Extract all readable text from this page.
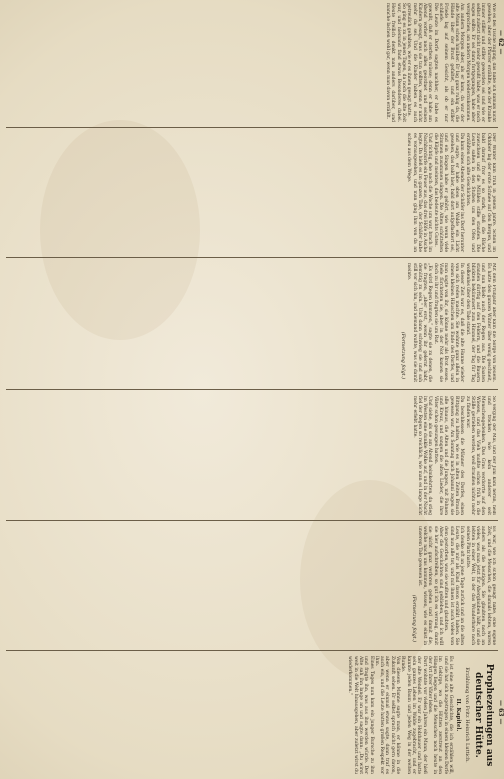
— 62 —
— 63 —

Wie es bei Tische zuging, das habe ich damals nicht gesehen; aber der Pfarrer erzählte, wie der Kranke immer stiller und stiller geworden sei und wie er selbst zuletzt nicht mehr gewußt habe, was er noch sagen sollte. Er sei dann fortgegangen, habe aber versprochen, am andern Morgen wiederzukommen.

Am andern Morgen aber, als er kam, da war der alte Mann schon hinüber. Er lag ganz ruhig da, die Hände über der Brust gefaltet, und ein stiller Friede lag auf seinem Gesicht, als ob er nur schliefe.

Die Leute im Dorfe sagten nachher, er habe es gewußt, daß er sterben müsse; denn er habe am Abend vorher noch alles geordnet und seinen Kindern gesagt, was sie tun sollten, wenn er nicht mehr da sei. Und die Kinder haben es auch getreulich gehalten, wie er es ihnen gesagt hatte.

So ging es zu in jenen Tagen, da noch die alte Zeit war, und niemand fand etwas Besonderes dabei. Heute freilich denkt man anders darüber, und manche lachen wohl gar, wenn man davon erzählt.

Der Winter kam früh in jenem Jahre. Schon im Oktober lag der erste Schnee auf den Bergen, und bald darauf fror es so stark, daß die Bäche zuwuchsen und die Mühlen stille standen. Die Leute saßen in den Stuben um den Ofen und erzählten sich alte Geschichten.

Da kam eines Abends der Schäfer ins Dorf herunter und sagte, er habe oben am Walde ein Licht gesehen, das bald hier, bald dort aufgeflackert sei, und ein Singen habe er gehört, wie wenn viele Stimmen zusammen sängen. Die Alten schüttelten die Köpfe und meinten, das bedeute nichts Gutes.

Und richtig, ehe noch die Woche um war, brach im Nachbardorfe ein Feuer aus, das drei Höfe in Asche legte. Da hieß es im ganzen Tale, der Schäfer habe es vorausgesehen, und man ging ihm von da an scheu aus dem Wege.

Mit dem Frühjahr aber kam die Sorge von neuem. Es hatte den ganzen Winter über wenig geschneit, und nun blieb auch der Regen aus. Die Saaten standen dürftig auf den Feldern, und die Bauern blickten bekümmert zum Himmel, der Tag für Tag wolkenlos über dem Tale stand.

In dieser Zeit war es, daß die alte Hanne wieder von sich reden machte. Sie wohnte ganz allein in einem kleinen Häuschen am Ende des Dorfes, und man sagte von ihr, sie könne mehr als Brot essen. Viele fürchteten sie, aber in der Not kamen sie doch zu ihr und fragten sie um Rat.

„Es wird Regen kommen,“ sagte sie zu denen, die sie fragten, „aber erst, wenn ihr gelernt habt, demütig zu sein.“ Und dann schwieg sie und sah still vor sich hin, und niemand wußte, was sie damit meinte.

(Fortsetzung folgt.)

So verging der Mai, und der Juni kam heran, heiß und trocken wie kein anderer seit Menschengedenken. Das Gras verdorrte auf den Wiesen, und das Vieh mußte schon früh in die Ställe getrieben werden, weil draußen nichts mehr zu finden war.

Da beschlossen die Männer des Dorfes, einen Bittgang zu halten, wie es in alten Zeiten Brauch gewesen war. Am Sonntag nach Johanni zogen sie alle hinaus, die Alten und die Jungen, mit Fahnen und Kreuz, und sangen die alten Lieder, die ihre Väter schon gesungen hatten.

Und siehe, als sie am Abend heimkehrten, da stieg im Westen eine dunkle Wolke auf, und in der Nacht fiel der Regen so reichlich, wie man es lange nicht mehr erlebt hatte.

Es war, wie ich schon gesagt habe, eine eigene Zeit, und die Menschen, die damals lebten, waren anders als die heutigen. Sie glaubten noch an vieles, was man jetzt für Aberglauben hält, und sie lebten in einer Welt, in der das Wunderbare noch seinen Platz hatte.

Ich denke oft an jene Tage zurück und an die alten Leute, die mir als Kind davon erzählt haben. Sie sind nun alle tot, und mit ihnen ist auch vieles von dem gestorben, was sie wußten und glaubten.

Aber die Geschichten sind geblieben, und ich will sie hier aufschreiben, so gut ich es vermag, damit sie nicht ganz verloren gehen und damit die, welche nach uns kommen, wissen, wie es einst in unserem Tale gewesen ist.

(Fortsetzung folgt.)
Prophezeiungen aus deutscher Hütte.
Erzählung von Fritz Heinrich Luttich.
II. Kapitel.

Es ist eine alte Geschichte, die ich erzählen will, und sie hat sich zugetragen in einem kleinen Dorfe im Gebirge, wo die Hütten zerstreut an den Hängen liegen und die Menschen noch heute in der Art ihrer Väter leben.

Dort wohnte vor vielen Jahren ein Mann, der hieß der alte Wendel. Er war ein Holzhauer und hatte sein ganzes Leben im Walde zugebracht, und er kannte jeden Baum und jeden Weg in der weiten Runde.

Von diesem Manne sagte man, er könne in die Zukunft sehen. Er selbst sprach nicht gern davon, aber wenn er einmal etwas sagte, dann traf es auch ein, und die Leute hatten großen Respekt vor ihm.

Eines Tages nun kam ein junger Bursche zu ihm und fragte ihn, was aus ihm werden würde. Der Alte sah ihn lange an und sagte dann: „Du wirst weit in die Welt hinausgehen, aber zuletzt wirst du wiederkommen.“
